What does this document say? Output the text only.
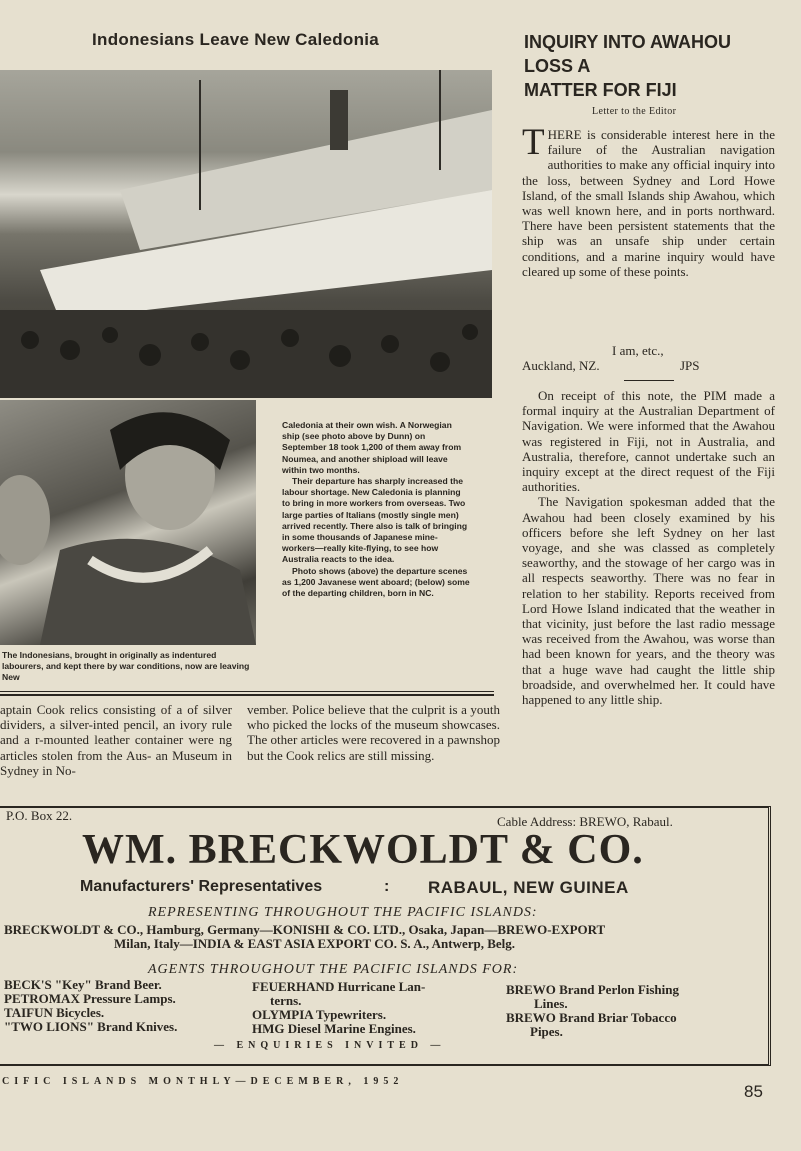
Indonesians Leave New Caledonia

Caledonia at their own wish. A Norwegian ship (see photo above by Dunn) on September 18 took 1,200 of them away from Noumea, and another shipload will leave within two months.

Their departure has sharply increased the labour shortage. New Caledonia is planning to bring in more workers from overseas. Two large parties of Italians (mostly single men) arrived recently. There also is talk of bringing in some thousands of Japanese mine-workers—really kite-flying, to see how Australia reacts to the idea.

Photo shows (above) the departure scenes as 1,200 Javanese went aboard; (below) some of the departing children, born in NC.

The Indonesians, brought in originally as indentured labourers, and kept there by war conditions, now are leaving New
aptain Cook relics consisting of a of silver dividers, a silver-inted pencil, an ivory rule and a r-mounted leather container were ng articles stolen from the Aus- an Museum in Sydney in No-
vember. Police believe that the culprit is a youth who picked the locks of the museum showcases. The other articles were recovered in a pawnshop but the Cook relics are still missing.
INQUIRY INTO AWAHOU
LOSS A
MATTER FOR FIJI
Letter to the Editor
T HERE is considerable interest here in the failure of the Australian navigation authorities to make any official inquiry into the loss, between Sydney and Lord Howe Island, of the small Islands ship Awahou, which was well known here, and in ports northward. There have been persistent statements that the ship was an unsafe ship under certain conditions, and a marine inquiry would have cleared up some of these points.
I am, etc.,
JPS
Auckland, NZ.

On receipt of this note, the PIM made a formal inquiry at the Australian Department of Navigation. We were informed that the Awahou was registered in Fiji, not in Australia, and Australia, therefore, cannot undertake such an inquiry except at the direct request of the Fiji authorities.

The Navigation spokesman added that the Awahou had been closely examined by his officers before she left Sydney on her last voyage, and she was classed as completely seaworthy, and the stowage of her cargo was in all respects seaworthy. There was no fear in relation to her stability. Reports received from Lord Howe Island indicated that the weather in that vicinity, just before the last radio message was received from the Awahou, was worse than had been known for years, and the theory was that a huge wave had caught the little ship broadside, and overwhelmed her. It could have happened to any little ship.

P.O. Box 22.	Cable Address: BREWO, Rabaul.
WM. BRECKWOLDT & CO.
Manufacturers' Representatives	: RABAUL, NEW GUINEA
REPRESENTING THROUGHOUT THE PACIFIC ISLANDS:
BRECKWOLDT & CO., Hamburg, Germany—KONISHI & CO. LTD., Osaka, Japan—BREWO-EXPORT
Milan, Italy—INDIA & EAST ASIA EXPORT CO. S. A., Antwerp, Belg.
AGENTS THROUGHOUT THE PACIFIC ISLANDS FOR:
BECK'S "Key" Brand Beer.
PETROMAX Pressure Lamps.
TAIFUN Bicycles.
"TWO LIONS" Brand Knives.
FEUERHAND Hurricane Lan-
terns.
OLYMPIA Typewriters.
HMG Diesel Marine Engines.
BREWO Brand Perlon Fishing
Lines.
BREWO Brand Briar Tobacco
Pipes.
— ENQUIRIES INVITED —
CIFIC ISLANDS MONTHLY—DECEMBER, 1952
85
